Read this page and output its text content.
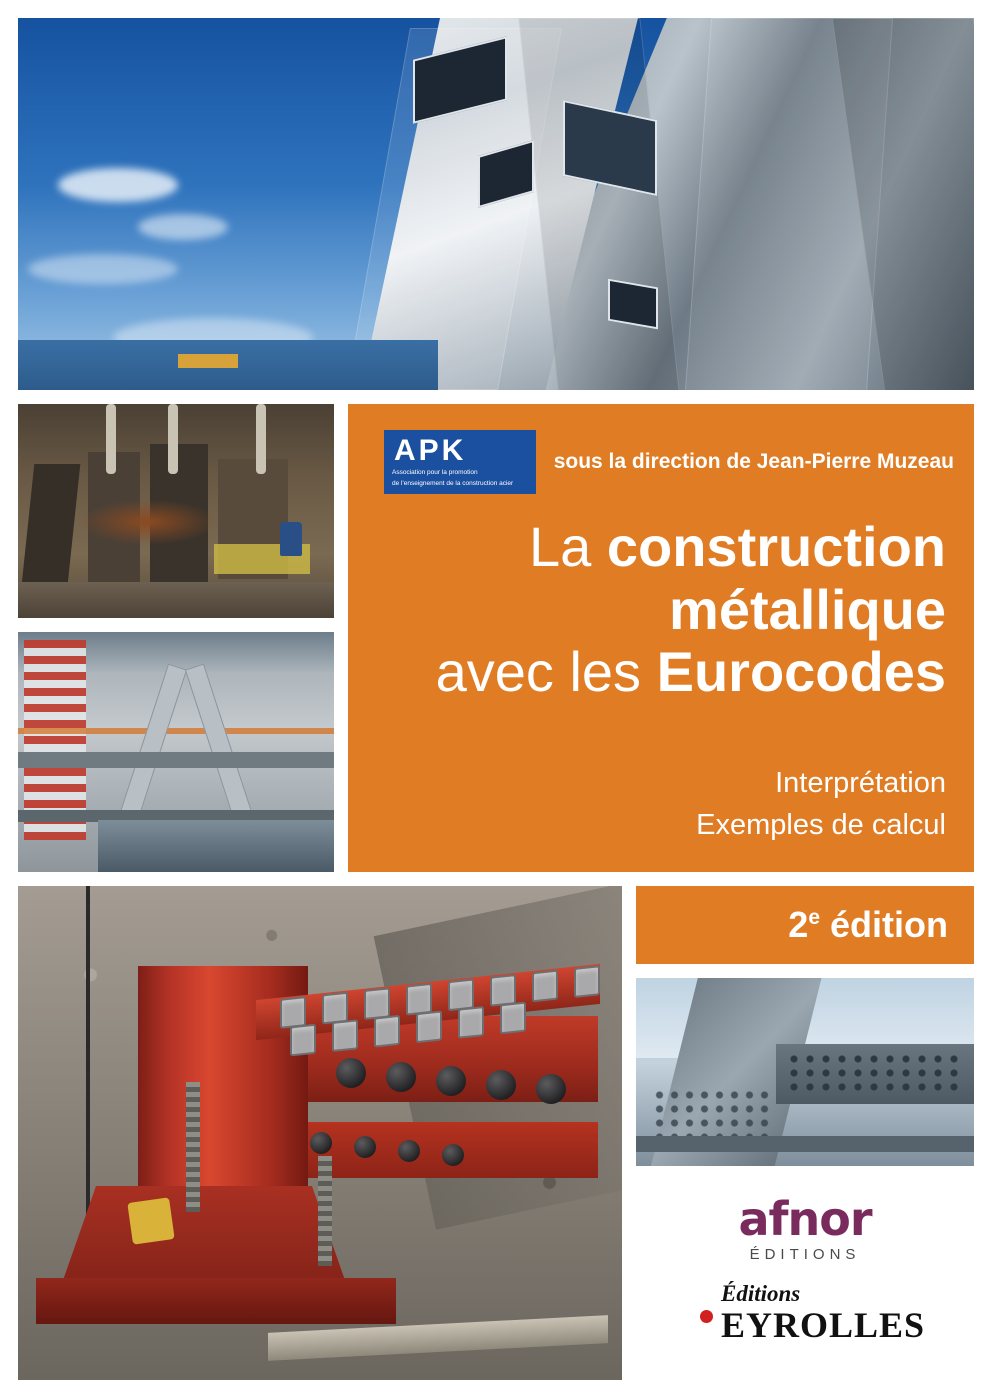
APK
Association pour la promotion
de l'enseignement de la construction acier
sous la direction de Jean-Pierre Muzeau
La construction
métallique
avec les Eurocodes
Interprétation
Exemples de calcul
2e édition
afnor
ÉDITIONS
Éditions
EYROLLES
